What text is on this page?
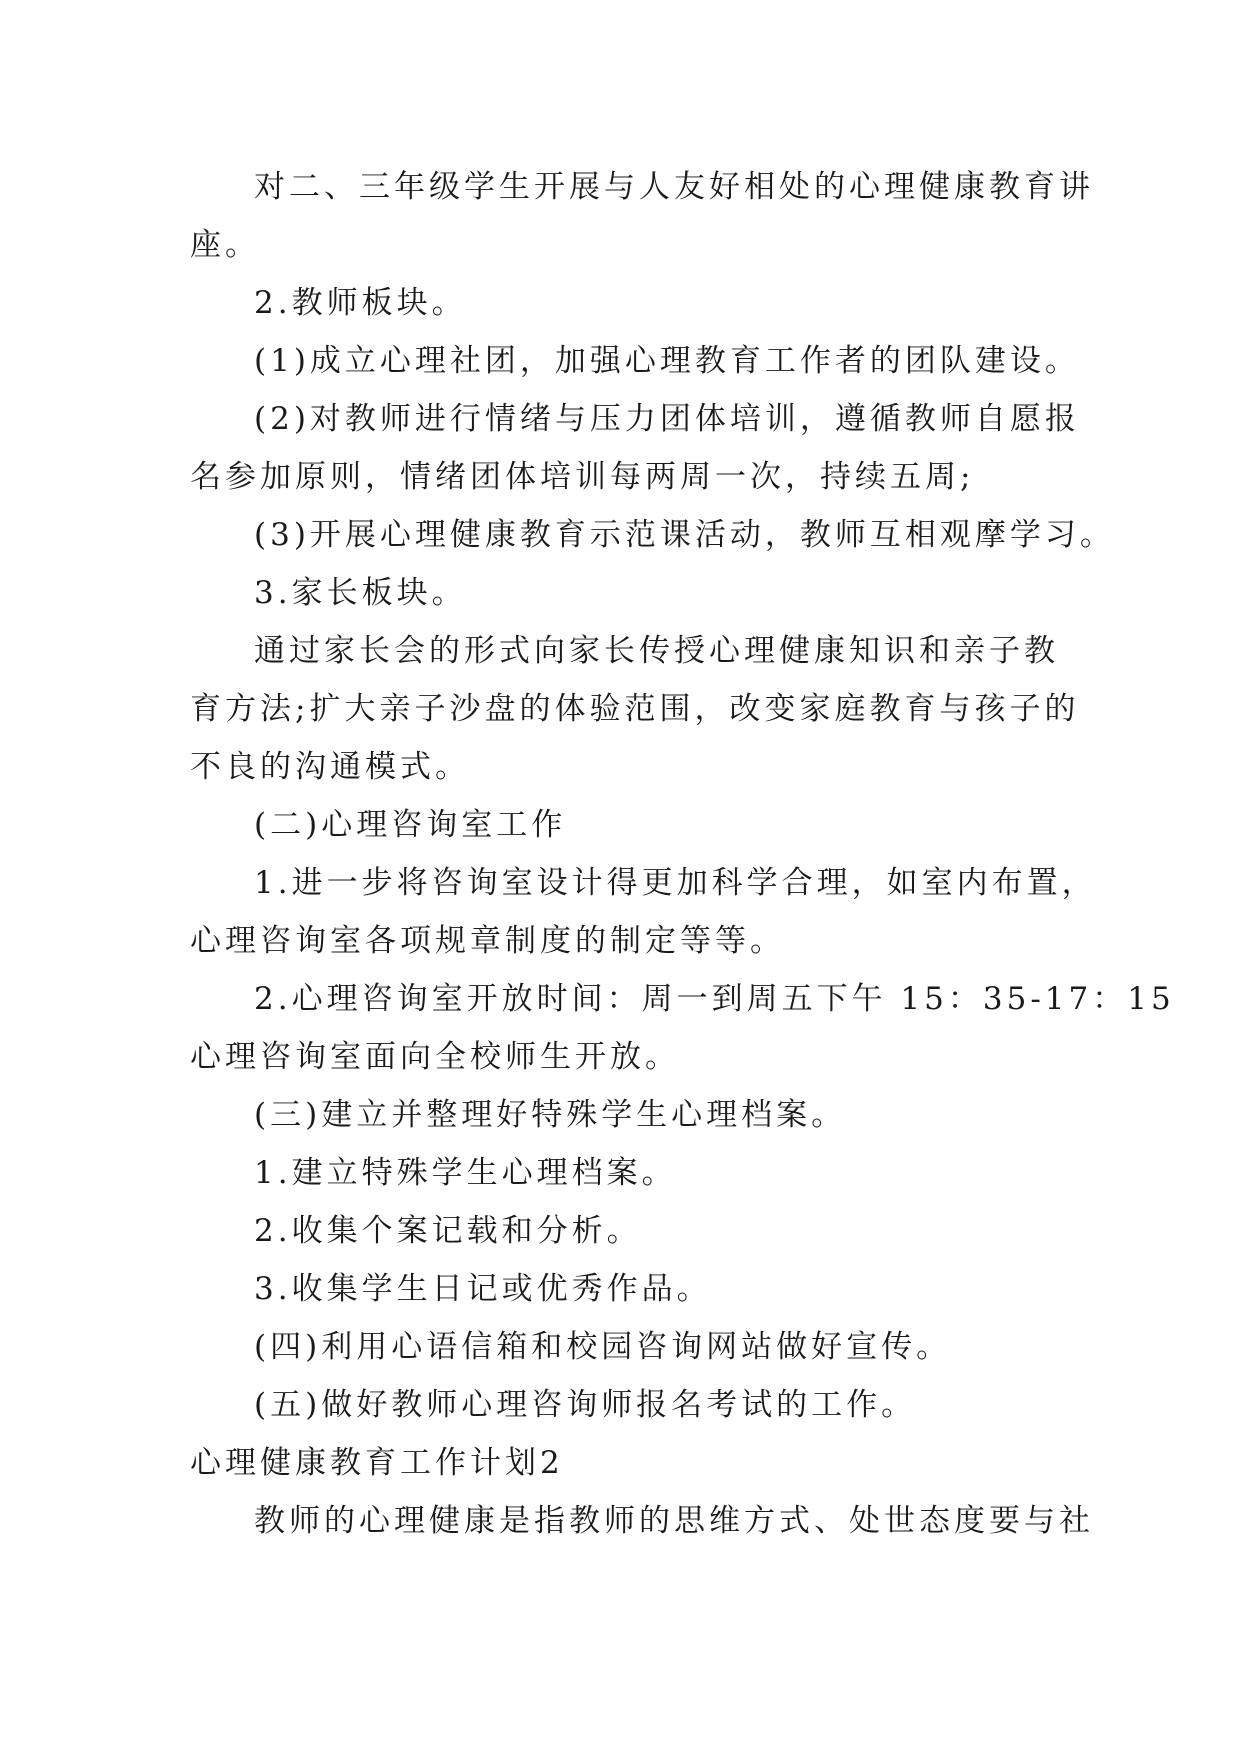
对二、三年级学生开展与人友好相处的心理健康教育讲

座。

2.教师板块。

(1)成立心理社团，加强心理教育工作者的团队建设。

(2)对教师进行情绪与压力团体培训，遵循教师自愿报

名参加原则，情绪团体培训每两周一次，持续五周;

(3)开展心理健康教育示范课活动，教师互相观摩学习。

3.家长板块。

通过家长会的形式向家长传授心理健康知识和亲子教

育方法;扩大亲子沙盘的体验范围，改变家庭教育与孩子的

不良的沟通模式。

(二)心理咨询室工作

1.进一步将咨询室设计得更加科学合理，如室内布置，

心理咨询室各项规章制度的制定等等。

2.心理咨询室开放时间：周一到周五下午 15：35-17：15

心理咨询室面向全校师生开放。

(三)建立并整理好特殊学生心理档案。

1.建立特殊学生心理档案。

2.收集个案记载和分析。

3.收集学生日记或优秀作品。

(四)利用心语信箱和校园咨询网站做好宣传。

(五)做好教师心理咨询师报名考试的工作。

心理健康教育工作计划2

教师的心理健康是指教师的思维方式、处世态度要与社
